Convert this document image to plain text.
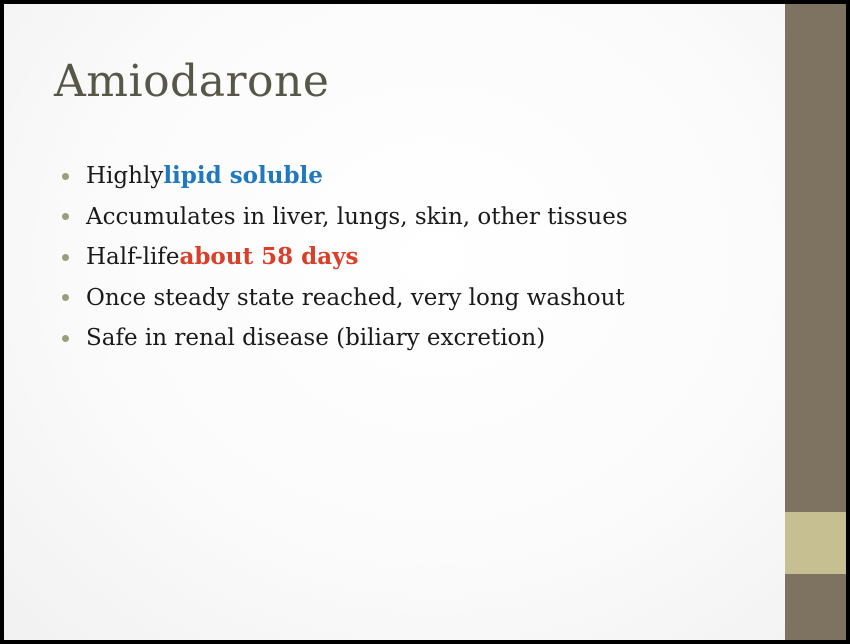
Amiodarone
Highly lipid soluble
Accumulates in liver, lungs, skin, other tissues
Half-life about 58 days
Once steady state reached, very long washout
Safe in renal disease (biliary excretion)
